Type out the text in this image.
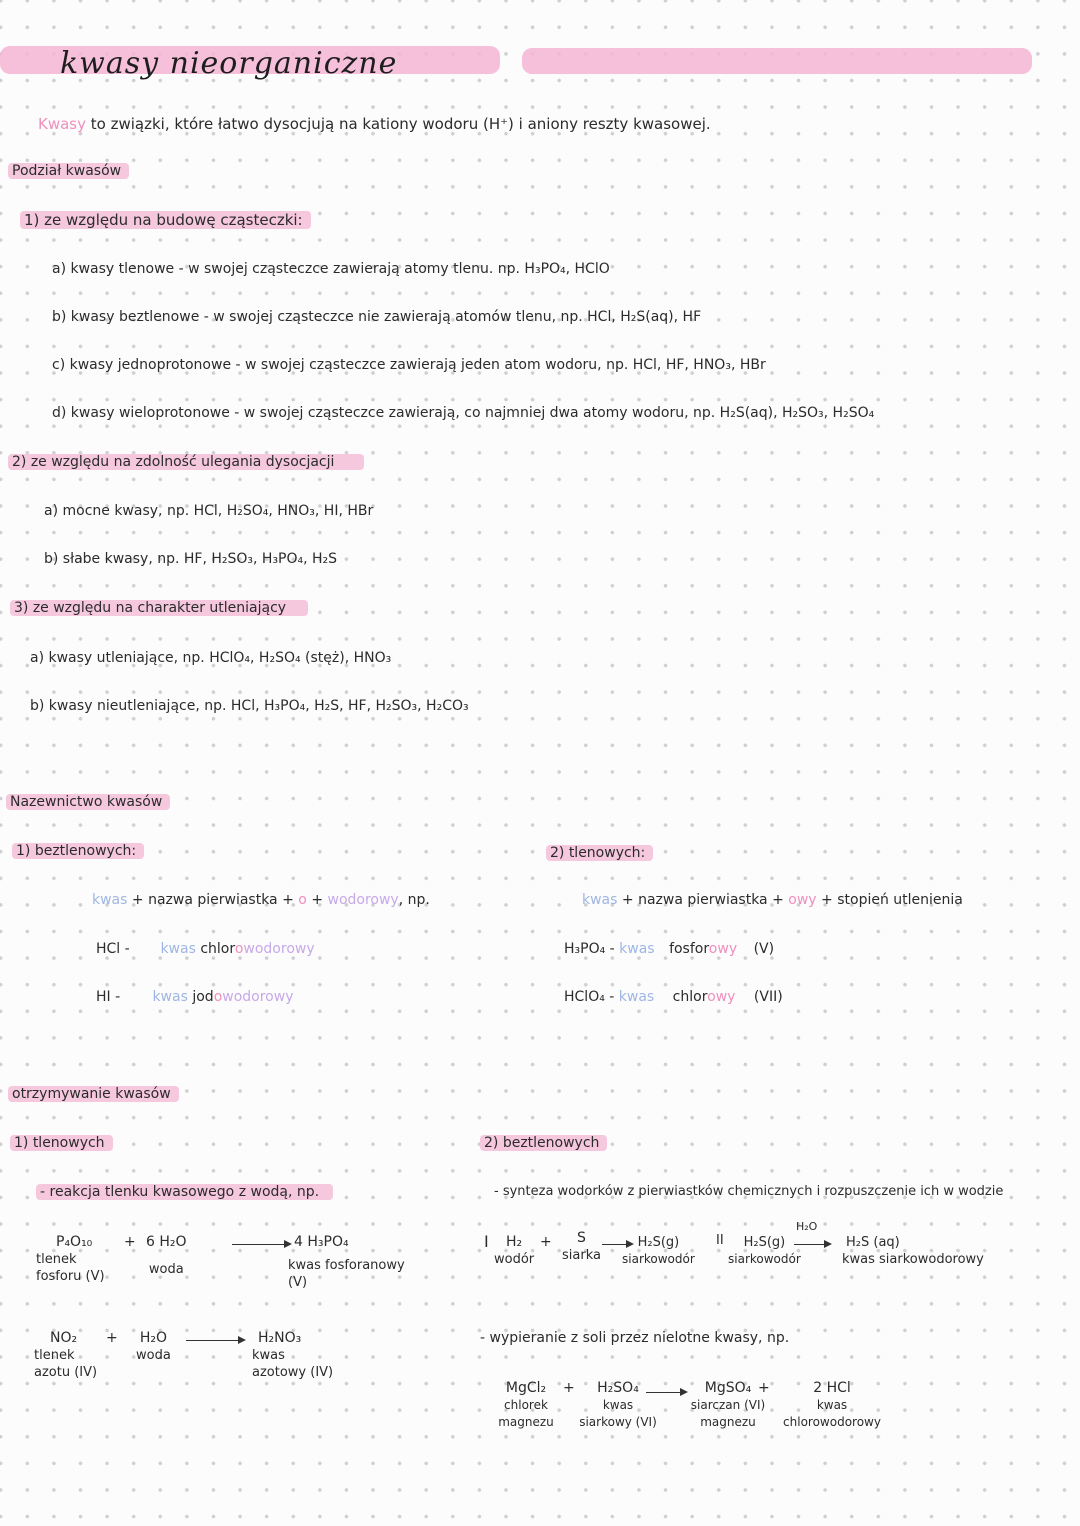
kwasy nieorganiczne
Kwasy to związki, które łatwo dysocjują na kationy wodoru (H⁺) i aniony reszty kwasowej.
Podział kwasów
1) ze względu na budowę cząsteczki:
a) kwasy tlenowe - w swojej cząsteczce zawierają atomy tlenu. np. H₃PO₄, HClO
b) kwasy beztlenowe - w swojej cząsteczce nie zawierają atomów tlenu, np. HCl, H₂S(aq), HF
c) kwasy jednoprotonowe - w swojej cząsteczce zawierają jeden atom wodoru, np. HCl, HF, HNO₃, HBr
d) kwasy wieloprotonowe - w swojej cząsteczce zawierają, co najmniej dwa atomy wodoru, np. H₂S(aq), H₂SO₃, H₂SO₄
2) ze względu na zdolność ulegania dysocjacji
a) mocne kwasy, np. HCl, H₂SO₄, HNO₃, HI, HBr
b) słabe kwasy, np. HF, H₂SO₃, H₃PO₄, H₂S
3) ze względu na charakter utleniający
a) kwasy utleniające, np. HClO₄, H₂SO₄ (stęż), HNO₃
b) kwasy nieutleniające, np. HCl, H₃PO₄, H₂S, HF, H₂SO₃, H₂CO₃
Nazewnictwo kwasów
1) beztlenowych:
kwas + nazwa pierwiastka + o + wodorowy, np.
HCl - kwas chlorowodorowy
HI - kwas jodowodorowy
2) tlenowych:
kwas + nazwa pierwiastka + owy + stopień utlenienia
H₃PO₄ - kwas fosforowy (V)
HClO₄ - kwas chlorowy (VII)
otrzymywanie kwasów
1) tlenowych
- reakcja tlenku kwasowego z wodą, np.
P₄O₁₀
tlenek fosforu (V)
+ 6 H₂O
woda
4 H₃PO₄
kwas fosforanowy (V)
NO₂
tlenek azotu (IV)
+ H₂O
woda
H₂NO₃
kwas azotowy (IV)
2) beztlenowych
- synteza wodorków z pierwiastków chemicznych i rozpuszczenie ich w wodzie
I	H₂
wodór
+	S
siarka
→ H₂S(g)
siarkowodór
II	H₂S(g)
siarkowodór
H₂O
→ H₂S (aq)
kwas siarkowodorowy
- wypieranie z soli przez nielotne kwasy, np.
MgCl₂
chlorek magnezu
+	H₂SO₄
kwas siarkowy (VI)
→ MgSO₄
siarczan (VI) magnezu
+	2 HCl
kwas chlorowodorowy
